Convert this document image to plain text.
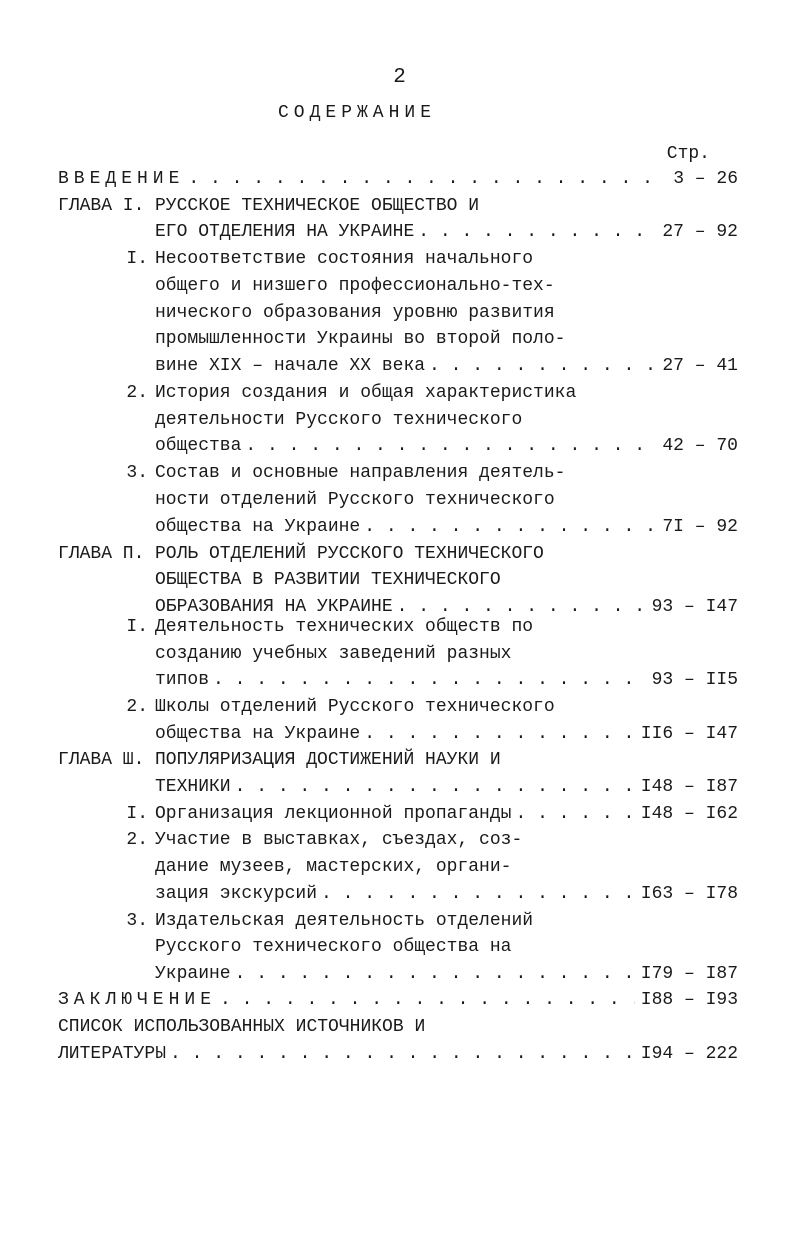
2
СОДЕРЖАНИЕ
Стр.
ВВЕДЕНИЕ . . .	3 – 26
ГЛАВА I. РУССКОЕ ТЕХНИЧЕСКОЕ ОБЩЕСТВО И
ЕГО ОТДЕЛЕНИЯ НА УКРАИНЕ . . .	27 – 92
I. Несоответствие состояния начального
общего и низшего профессионально-тех-
нического образования уровню развития
промышленности Украины во второй поло-
вине XIX – начале XX века . . .	27 – 41
2. История создания и общая характеристика
деятельности Русского технического
общества . . .	42 – 70
3. Состав и основные направления деятель-
ности отделений Русского технического
общества на Украине . . .	7I – 92
ГЛАВА П. РОЛЬ ОТДЕЛЕНИЙ РУССКОГО ТЕХНИЧЕСКОГО
ОБЩЕСТВА В РАЗВИТИИ ТЕХНИЧЕСКОГО
ОБРАЗОВАНИЯ НА УКРАИНЕ . . .	93 – I47
I. Деятельность технических обществ по
созданию учебных заведений разных
типов . . .	93 – II5
2. Школы отделений Русского технического
общества на Украине . . .	II6 – I47
ГЛАВА Ш. ПОПУЛЯРИЗАЦИЯ ДОСТИЖЕНИЙ НАУКИ И
ТЕХНИКИ . . .	I48 – I87
I. Организация лекционной пропаганды . . .	I48 – I62
2. Участие в выставках, съездах, соз-
дание музеев, мастерских, органи-
зация экскурсий . . .	I63 – I78
3. Издательская деятельность отделений
Русского технического общества на
Украине . . .	I79 – I87
ЗАКЛЮЧЕНИЕ . . .	I88 – I93
СПИСОК ИСПОЛЬЗОВАННЫХ ИСТОЧНИКОВ И
ЛИТЕРАТУРЫ . . .	I94 – 222
